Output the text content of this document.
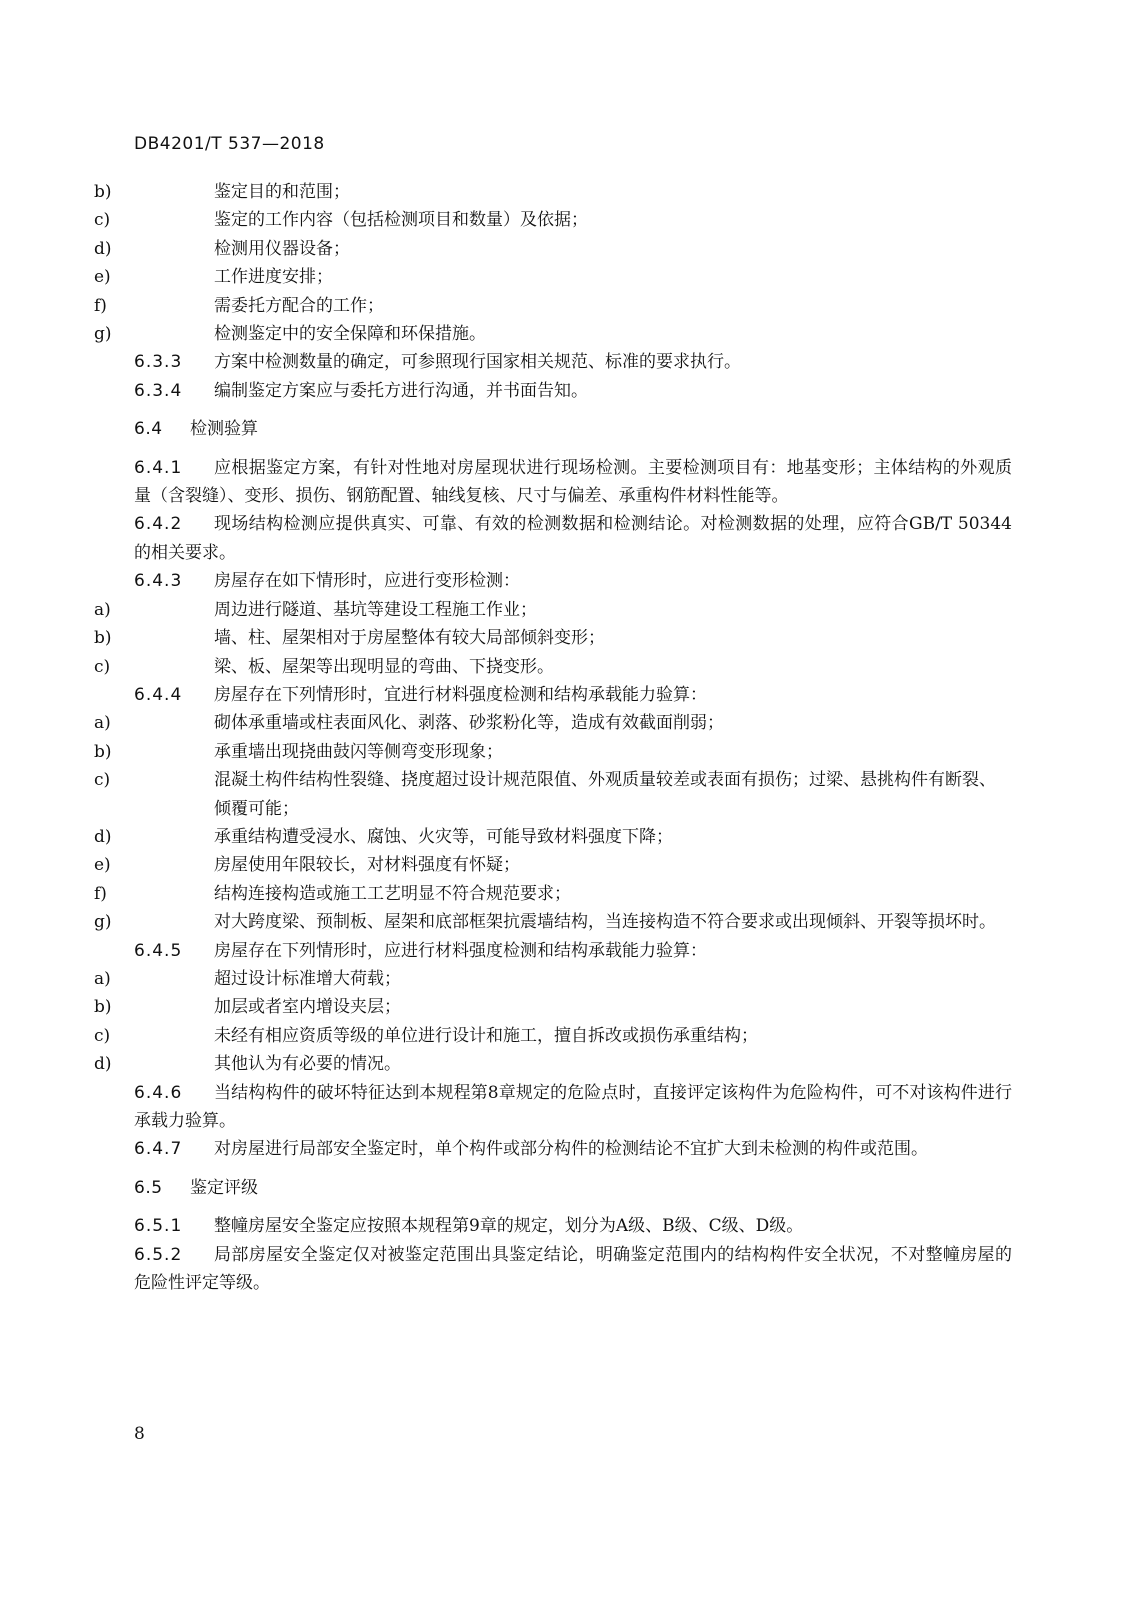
DB4201/T 537—2018
b)	鉴定目的和范围；
c)	鉴定的工作内容（包括检测项目和数量）及依据；
d)	检测用仪器设备；
e)	工作进度安排；
f)	需委托方配合的工作；
g)	检测鉴定中的安全保障和环保措施。
6.3.3 方案中检测数量的确定，可参照现行国家相关规范、标准的要求执行。
6.3.4 编制鉴定方案应与委托方进行沟通，并书面告知。
6.4 检测验算
6.4.1 应根据鉴定方案，有针对性地对房屋现状进行现场检测。主要检测项目有：地基变形；主体结构的外观质量（含裂缝）、变形、损伤、钢筋配置、轴线复核、尺寸与偏差、承重构件材料性能等。
6.4.2 现场结构检测应提供真实、可靠、有效的检测数据和检测结论。对检测数据的处理，应符合GB/T 50344的相关要求。
6.4.3 房屋存在如下情形时，应进行变形检测：
a)	周边进行隧道、基坑等建设工程施工作业；
b)	墙、柱、屋架相对于房屋整体有较大局部倾斜变形；
c)	梁、板、屋架等出现明显的弯曲、下挠变形。
6.4.4 房屋存在下列情形时，宜进行材料强度检测和结构承载能力验算：
a)	砌体承重墙或柱表面风化、剥落、砂浆粉化等，造成有效截面削弱；
b)	承重墙出现挠曲鼓闪等侧弯变形现象；
c)	混凝土构件结构性裂缝、挠度超过设计规范限值、外观质量较差或表面有损伤；过梁、悬挑构件有断裂、倾覆可能；
d)	承重结构遭受浸水、腐蚀、火灾等，可能导致材料强度下降；
e)	房屋使用年限较长，对材料强度有怀疑；
f)	结构连接构造或施工工艺明显不符合规范要求；
g)	对大跨度梁、预制板、屋架和底部框架抗震墙结构，当连接构造不符合要求或出现倾斜、开裂等损坏时。
6.4.5 房屋存在下列情形时，应进行材料强度检测和结构承载能力验算：
a)	超过设计标准增大荷载；
b)	加层或者室内增设夹层；
c)	未经有相应资质等级的单位进行设计和施工，擅自拆改或损伤承重结构；
d)	其他认为有必要的情况。
6.4.6 当结构构件的破坏特征达到本规程第8章规定的危险点时，直接评定该构件为危险构件，可不对该构件进行承载力验算。
6.4.7 对房屋进行局部安全鉴定时，单个构件或部分构件的检测结论不宜扩大到未检测的构件或范围。
6.5 鉴定评级
6.5.1 整幢房屋安全鉴定应按照本规程第9章的规定，划分为A级、B级、C级、D级。
6.5.2 局部房屋安全鉴定仅对被鉴定范围出具鉴定结论，明确鉴定范围内的结构构件安全状况，不对整幢房屋的危险性评定等级。
8
